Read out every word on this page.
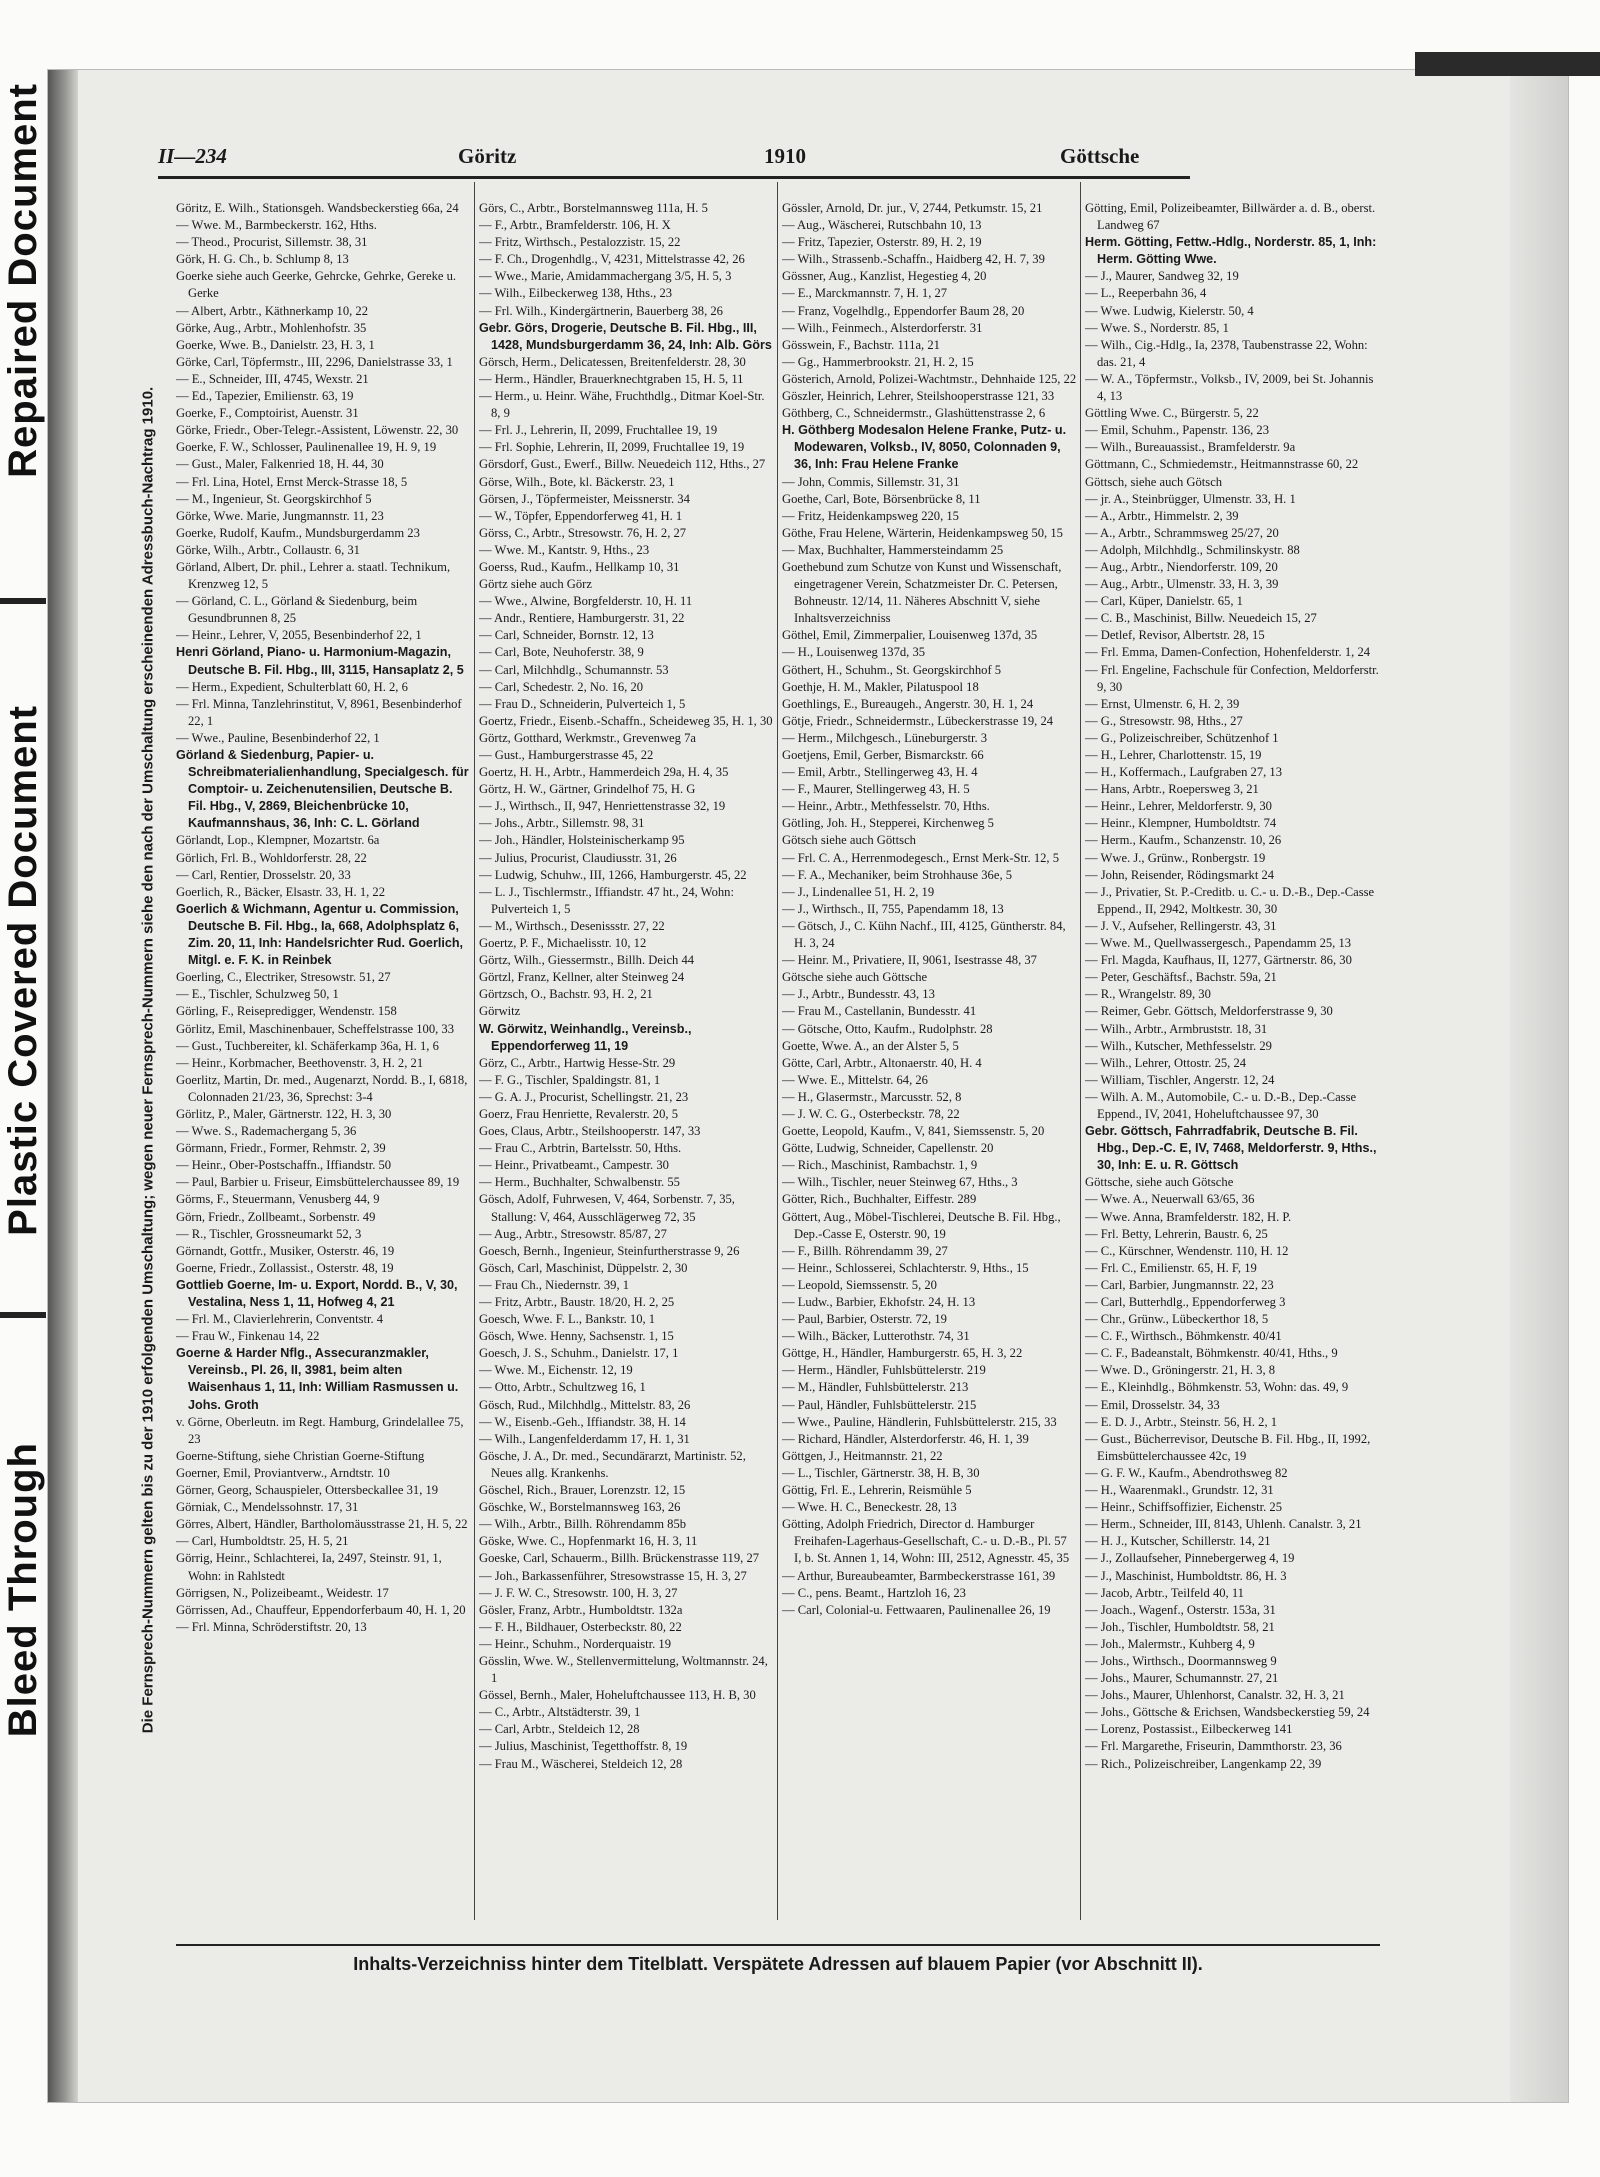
Repaired Document
Plastic Covered Document
Bleed Through
II—234	Göritz	1910	Göttsche
Die Fernsprech-Nummern gelten bis zu der 1910 erfolgenden Umschaltung; wegen neuer Fernsprech-Nummern siehe den nach der Umschaltung erscheinenden Adressbuch-Nachtrag 1910.

Göritz, E. Wilh., Stationsgeh. Wandsbeckerstieg 66a, 24

— Wwe. M., Barmbeckerstr. 162, Hths.

— Theod., Procurist, Sillemstr. 38, 31

Görk, H. G. Ch., b. Schlump 8, 13

Goerke siehe auch Geerke, Gehrcke, Gehrke, Gereke u. Gerke

— Albert, Arbtr., Käthnerkamp 10, 22

Görke, Aug., Arbtr., Mohlenhofstr. 35

Goerke, Wwe. B., Danielstr. 23, H. 3, 1

Görke, Carl, Töpfermstr., III, 2296, Danielstrasse 33, 1

— E., Schneider, III, 4745, Wexstr. 21

— Ed., Tapezier, Emilienstr. 63, 19

Goerke, F., Comptoirist, Auenstr. 31

Görke, Friedr., Ober-Telegr.-Assistent, Löwenstr. 22, 30

Goerke, F. W., Schlosser, Paulinenallee 19, H. 9, 19

— Gust., Maler, Falkenried 18, H. 44, 30

— Frl. Lina, Hotel, Ernst Merck-Strasse 18, 5

— M., Ingenieur, St. Georgskirchhof 5

Görke, Wwe. Marie, Jungmannstr. 11, 23

Goerke, Rudolf, Kaufm., Mundsburgerdamm 23

Görke, Wilh., Arbtr., Collaustr. 6, 31

Görland, Albert, Dr. phil., Lehrer a. staatl. Technikum, Krenzweg 12, 5

— Görland, C. L., Görland & Siedenburg, beim Gesundbrunnen 8, 25

— Heinr., Lehrer, V, 2055, Besenbinderhof 22, 1

Henri Görland, Piano- u. Harmonium-Magazin, Deutsche B. Fil. Hbg., III, 3115, Hansaplatz 2, 5

— Herm., Expedient, Schulterblatt 60, H. 2, 6

— Frl. Minna, Tanzlehrinstitut, V, 8961, Besenbinderhof 22, 1

— Wwe., Pauline, Besenbinderhof 22, 1

Görland & Siedenburg, Papier- u. Schreibmaterialienhandlung, Specialgesch. für Comptoir- u. Zeichenutensilien, Deutsche B. Fil. Hbg., V, 2869, Bleichenbrücke 10, Kaufmannshaus, 36, Inh: C. L. Görland

Görlandt, Lop., Klempner, Mozartstr. 6a

Görlich, Frl. B., Wohldorferstr. 28, 22

— Carl, Rentier, Drosselstr. 20, 33

Goerlich, R., Bäcker, Elsastr. 33, H. 1, 22

Goerlich & Wichmann, Agentur u. Commission, Deutsche B. Fil. Hbg., Ia, 668, Adolphsplatz 6, Zim. 20, 11, Inh: Handelsrichter Rud. Goerlich, Mitgl. e. F. K. in Reinbek

Goerling, C., Electriker, Stresowstr. 51, 27

— E., Tischler, Schulzweg 50, 1

Görling, F., Reisepredigger, Wendenstr. 158

Görlitz, Emil, Maschinenbauer, Scheffelstrasse 100, 33

— Gust., Tuchbereiter, kl. Schäferkamp 36a, H. 1, 6

— Heinr., Korbmacher, Beethovenstr. 3, H. 2, 21

Goerlitz, Martin, Dr. med., Augenarzt, Nordd. B., I, 6818, Colonnaden 21/23, 36, Sprechst: 3-4

Görlitz, P., Maler, Gärtnerstr. 122, H. 3, 30

— Wwe. S., Rademachergang 5, 36

Görmann, Friedr., Former, Rehmstr. 2, 39

— Heinr., Ober-Postschaffn., Iffiandstr. 50

— Paul, Barbier u. Friseur, Eimsbüttelerchaussee 89, 19

Görms, F., Steuermann, Venusberg 44, 9

Görn, Friedr., Zollbeamt., Sorbenstr. 49

— R., Tischler, Grossneumarkt 52, 3

Görnandt, Gottfr., Musiker, Osterstr. 46, 19

Goerne, Friedr., Zollassist., Osterstr. 48, 19

Gottlieb Goerne, Im- u. Export, Nordd. B., V, 30, Vestalina, Ness 1, 11, Hofweg 4, 21

— Frl. M., Clavierlehrerin, Conventstr. 4

— Frau W., Finkenau 14, 22

Goerne & Harder Nflg., Assecuranzmakler, Vereinsb., Pl. 26, II, 3981, beim alten Waisenhaus 1, 11, Inh: William Rasmussen u. Johs. Groth

v. Görne, Oberleutn. im Regt. Hamburg, Grindelallee 75, 23

Goerne-Stiftung, siehe Christian Goerne-Stiftung

Goerner, Emil, Proviantverw., Arndtstr. 10

Görner, Georg, Schauspieler, Ottersbeckallee 31, 19

Görniak, C., Mendelssohnstr. 17, 31

Görres, Albert, Händler, Bartholomäusstrasse 21, H. 5, 22

— Carl, Humboldtstr. 25, H. 5, 21

Görrig, Heinr., Schlachterei, Ia, 2497, Steinstr. 91, 1, Wohn: in Rahlstedt

Görrigsen, N., Polizeibeamt., Weidestr. 17

Görrissen, Ad., Chauffeur, Eppendorferbaum 40, H. 1, 20

— Frl. Minna, Schröderstiftstr. 20, 13

Görs, C., Arbtr., Borstelmannsweg 111a, H. 5

— F., Arbtr., Bramfelderstr. 106, H. X

— Fritz, Wirthsch., Pestalozzistr. 15, 22

— F. Ch., Drogenhdlg., V, 4231, Mittelstrasse 42, 26

— Wwe., Marie, Amidammachergang 3/5, H. 5, 3

— Wilh., Eilbeckerweg 138, Hths., 23

— Frl. Wilh., Kindergärtnerin, Bauerberg 38, 26

Gebr. Görs, Drogerie, Deutsche B. Fil. Hbg., III, 1428, Mundsburgerdamm 36, 24, Inh: Alb. Görs

Görsch, Herm., Delicatessen, Breitenfelderstr. 28, 30

— Herm., Händler, Brauerknechtgraben 15, H. 5, 11

— Herm., u. Heinr. Wähe, Fruchthdlg., Ditmar Koel-Str. 8, 9

— Frl. J., Lehrerin, II, 2099, Fruchtallee 19, 19

— Frl. Sophie, Lehrerin, II, 2099, Fruchtallee 19, 19

Görsdorf, Gust., Ewerf., Billw. Neuedeich 112, Hths., 27

Görse, Wilh., Bote, kl. Bäckerstr. 23, 1

Görsen, J., Töpfermeister, Meissnerstr. 34

— W., Töpfer, Eppendorferweg 41, H. 1

Görss, C., Arbtr., Stresowstr. 76, H. 2, 27

— Wwe. M., Kantstr. 9, Hths., 23

Goerss, Rud., Kaufm., Hellkamp 10, 31

Görtz siehe auch Görz

— Wwe., Alwine, Borgfelderstr. 10, H. 11

— Andr., Rentiere, Hamburgerstr. 31, 22

— Carl, Schneider, Bornstr. 12, 13

— Carl, Bote, Neuhoferstr. 38, 9

— Carl, Milchhdlg., Schumannstr. 53

— Carl, Schedestr. 2, No. 16, 20

— Frau D., Schneiderin, Pulverteich 1, 5

Goertz, Friedr., Eisenb.-Schaffn., Scheideweg 35, H. 1, 30

Görtz, Gotthard, Werkmstr., Grevenweg 7a

— Gust., Hamburgerstrasse 45, 22

Goertz, H. H., Arbtr., Hammerdeich 29a, H. 4, 35

Görtz, H. W., Gärtner, Grindelhof 75, H. G

— J., Wirthsch., II, 947, Henriettenstrasse 32, 19

— Johs., Arbtr., Sillemstr. 98, 31

— Joh., Händler, Holsteinischerkamp 95

— Julius, Procurist, Claudiusstr. 31, 26

— Ludwig, Schuhw., III, 1266, Hamburgerstr. 45, 22

— L. J., Tischlermstr., Iffiandstr. 47 ht., 24, Wohn: Pulverteich 1, 5

— M., Wirthsch., Desenissstr. 27, 22

Goertz, P. F., Michaelisstr. 10, 12

Görtz, Wilh., Giessermstr., Billh. Deich 44

Görtzl, Franz, Kellner, alter Steinweg 24

Görtzsch, O., Bachstr. 93, H. 2, 21

Görwitz

W. Görwitz, Weinhandlg., Vereinsb., Eppendorferweg 11, 19

Görz, C., Arbtr., Hartwig Hesse-Str. 29

— F. G., Tischler, Spaldingstr. 81, 1

— G. A. J., Procurist, Schellingstr. 21, 23

Goerz, Frau Henriette, Revalerstr. 20, 5

Goes, Claus, Arbtr., Steilshooperstr. 147, 33

— Frau C., Arbtrin, Bartelsstr. 50, Hths.

— Heinr., Privatbeamt., Campestr. 30

— Herm., Buchhalter, Schwalbenstr. 55

Gösch, Adolf, Fuhrwesen, V, 464, Sorbenstr. 7, 35, Stallung: V, 464, Ausschlägerweg 72, 35

— Aug., Arbtr., Stresowstr. 85/87, 27

Goesch, Bernh., Ingenieur, Steinfurtherstrasse 9, 26

Gösch, Carl, Maschinist, Düppelstr. 2, 30

— Frau Ch., Niedernstr. 39, 1

— Fritz, Arbtr., Baustr. 18/20, H. 2, 25

Goesch, Wwe. F. L., Bankstr. 10, 1

Gösch, Wwe. Henny, Sachsenstr. 1, 15

Goesch, J. S., Schuhm., Danielstr. 17, 1

— Wwe. M., Eichenstr. 12, 19

— Otto, Arbtr., Schultzweg 16, 1

Gösch, Rud., Milchhdlg., Mittelstr. 83, 26

— W., Eisenb.-Geh., Iffiandstr. 38, H. 14

— Wilh., Langenfelderdamm 17, H. 1, 31

Gösche, J. A., Dr. med., Secundärarzt, Martinistr. 52, Neues allg. Krankenhs.

Göschel, Rich., Brauer, Lorenzstr. 12, 15

Göschke, W., Borstelmannsweg 163, 26

— Wilh., Arbtr., Billh. Röhrendamm 85b

Göske, Wwe. C., Hopfenmarkt 16, H. 3, 11

Goeske, Carl, Schauerm., Billh. Brückenstrasse 119, 27

— Joh., Barkassenführer, Stresowstrasse 15, H. 3, 27

— J. F. W. C., Stresowstr. 100, H. 3, 27

Gösler, Franz, Arbtr., Humboldtstr. 132a

— F. H., Bildhauer, Osterbeckstr. 80, 22

— Heinr., Schuhm., Norderquaistr. 19

Gösslin, Wwe. W., Stellenvermittelung, Woltmannstr. 24, 1

Gössel, Bernh., Maler, Hoheluftchaussee 113, H. B, 30

— C., Arbtr., Altstädterstr. 39, 1

— Carl, Arbtr., Steldeich 12, 28

— Julius, Maschinist, Tegetthoffstr. 8, 19

— Frau M., Wäscherei, Steldeich 12, 28

Gössler, Arnold, Dr. jur., V, 2744, Petkumstr. 15, 21

— Aug., Wäscherei, Rutschbahn 10, 13

— Fritz, Tapezier, Osterstr. 89, H. 2, 19

— Wilh., Strassenb.-Schaffn., Haidberg 42, H. 7, 39

Gössner, Aug., Kanzlist, Hegestieg 4, 20

— E., Marckmannstr. 7, H. 1, 27

— Franz, Vogelhdlg., Eppendorfer Baum 28, 20

— Wilh., Feinmech., Alsterdorferstr. 31

Gösswein, F., Bachstr. 111a, 21

— Gg., Hammerbrookstr. 21, H. 2, 15

Gösterich, Arnold, Polizei-Wachtmstr., Dehnhaide 125, 22

Göszler, Heinrich, Lehrer, Steilshooperstrasse 121, 33

Göthberg, C., Schneidermstr., Glashüttenstrasse 2, 6

H. Göthberg Modesalon Helene Franke, Putz- u. Modewaren, Volksb., IV, 8050, Colonnaden 9, 36, Inh: Frau Helene Franke

— John, Commis, Sillemstr. 31, 31

Goethe, Carl, Bote, Börsenbrücke 8, 11

— Fritz, Heidenkampsweg 220, 15

Göthe, Frau Helene, Wärterin, Heidenkampsweg 50, 15

— Max, Buchhalter, Hammersteindamm 25

Goethebund zum Schutze von Kunst und Wissenschaft, eingetragener Verein, Schatzmeister Dr. C. Petersen, Bohneustr. 12/14, 11. Näheres Abschnitt V, siehe Inhaltsverzeichniss

Göthel, Emil, Zimmerpalier, Louisenweg 137d, 35

— H., Louisenweg 137d, 35

Göthert, H., Schuhm., St. Georgskirchhof 5

Goethje, H. M., Makler, Pilatuspool 18

Goethlings, E., Bureaugeh., Angerstr. 30, H. 1, 24

Götje, Friedr., Schneidermstr., Lübeckerstrasse 19, 24

— Herm., Milchgesch., Lüneburgerstr. 3

Goetjens, Emil, Gerber, Bismarckstr. 66

— Emil, Arbtr., Stellingerweg 43, H. 4

— F., Maurer, Stellingerweg 43, H. 5

— Heinr., Arbtr., Methfesselstr. 70, Hths.

Götling, Joh. H., Stepperei, Kirchenweg 5

Götsch siehe auch Göttsch

— Frl. C. A., Herrenmodegesch., Ernst Merk-Str. 12, 5

— F. A., Mechaniker, beim Strohhause 36e, 5

— J., Lindenallee 51, H. 2, 19

— J., Wirthsch., II, 755, Papendamm 18, 13

— Götsch, J., C. Kühn Nachf., III, 4125, Güntherstr. 84, H. 3, 24

— Heinr. M., Privatiere, II, 9061, Isestrasse 48, 37

Götsche siehe auch Göttsche

— J., Arbtr., Bundesstr. 43, 13

— Frau M., Castellanin, Bundesstr. 41

— Götsche, Otto, Kaufm., Rudolphstr. 28

Goette, Wwe. A., an der Alster 5, 5

Götte, Carl, Arbtr., Altonaerstr. 40, H. 4

— Wwe. E., Mittelstr. 64, 26

— H., Glasermstr., Marcusstr. 52, 8

— J. W. C. G., Osterbeckstr. 78, 22

Goette, Leopold, Kaufm., V, 841, Siemssenstr. 5, 20

Götte, Ludwig, Schneider, Capellenstr. 20

— Rich., Maschinist, Rambachstr. 1, 9

— Wilh., Tischler, neuer Steinweg 67, Hths., 3

Götter, Rich., Buchhalter, Eiffestr. 289

Göttert, Aug., Möbel-Tischlerei, Deutsche B. Fil. Hbg., Dep.-Casse E, Osterstr. 90, 19

— F., Billh. Röhrendamm 39, 27

— Heinr., Schlosserei, Schlachterstr. 9, Hths., 15

— Leopold, Siemssenstr. 5, 20

— Ludw., Barbier, Ekhofstr. 24, H. 13

— Paul, Barbier, Osterstr. 72, 19

— Wilh., Bäcker, Lutterothstr. 74, 31

Göttge, H., Händler, Hamburgerstr. 65, H. 3, 22

— Herm., Händler, Fuhlsbüttelerstr. 219

— M., Händler, Fuhlsbüttelerstr. 213

— Paul, Händler, Fuhlsbüttelerstr. 215

— Wwe., Pauline, Händlerin, Fuhlsbüttelerstr. 215, 33

— Richard, Händler, Alsterdorferstr. 46, H. 1, 39

Göttgen, J., Heitmannstr. 21, 22

— L., Tischler, Gärtnerstr. 38, H. B, 30

Göttig, Frl. E., Lehrerin, Reismühle 5

— Wwe. H. C., Beneckestr. 28, 13

Götting, Adolph Friedrich, Director d. Hamburger Freihafen-Lagerhaus-Gesellschaft, C.- u. D.-B., Pl. 57 I, b. St. Annen 1, 14, Wohn: III, 2512, Agnesstr. 45, 35

— Arthur, Bureaubeamter, Barmbeckerstrasse 161, 39

— C., pens. Beamt., Hartzloh 16, 23

— Carl, Colonial-u. Fettwaaren, Paulinenallee 26, 19

Götting, Emil, Polizeibeamter, Billwärder a. d. B., oberst. Landweg 67

Herm. Götting, Fettw.-Hdlg., Norderstr. 85, 1, Inh: Herm. Götting Wwe.

— J., Maurer, Sandweg 32, 19

— L., Reeperbahn 36, 4

— Wwe. Ludwig, Kielerstr. 50, 4

— Wwe. S., Norderstr. 85, 1

— Wilh., Cig.-Hdlg., Ia, 2378, Taubenstrasse 22, Wohn: das. 21, 4

— W. A., Töpfermstr., Volksb., IV, 2009, bei St. Johannis 4, 13

Göttling Wwe. C., Bürgerstr. 5, 22

— Emil, Schuhm., Papenstr. 136, 23

— Wilh., Bureauassist., Bramfelderstr. 9a

Göttmann, C., Schmiedemstr., Heitmannstrasse 60, 22

Göttsch, siehe auch Götsch

— jr. A., Steinbrügger, Ulmenstr. 33, H. 1

— A., Arbtr., Himmelstr. 2, 39

— A., Arbtr., Schrammsweg 25/27, 20

— Adolph, Milchhdlg., Schmilinskystr. 88

— Aug., Arbtr., Niendorferstr. 109, 20

— Aug., Arbtr., Ulmenstr. 33, H. 3, 39

— Carl, Küper, Danielstr. 65, 1

— C. B., Maschinist, Billw. Neuedeich 15, 27

— Detlef, Revisor, Albertstr. 28, 15

— Frl. Emma, Damen-Confection, Hohenfelderstr. 1, 24

— Frl. Engeline, Fachschule für Confection, Meldorferstr. 9, 30

— Ernst, Ulmenstr. 6, H. 2, 39

— G., Stresowstr. 98, Hths., 27

— G., Polizeischreiber, Schützenhof 1

— H., Lehrer, Charlottenstr. 15, 19

— H., Koffermach., Laufgraben 27, 13

— Hans, Arbtr., Roepersweg 3, 21

— Heinr., Lehrer, Meldorferstr. 9, 30

— Heinr., Klempner, Humboldtstr. 74

— Herm., Kaufm., Schanzenstr. 10, 26

— Wwe. J., Grünw., Ronbergstr. 19

— John, Reisender, Rödingsmarkt 24

— J., Privatier, St. P.-Creditb. u. C.- u. D.-B., Dep.-Casse Eppend., II, 2942, Moltkestr. 30, 30

— J. V., Aufseher, Rellingerstr. 43, 31

— Wwe. M., Quellwassergesch., Papendamm 25, 13

— Frl. Magda, Kaufhaus, II, 1277, Gärtnerstr. 86, 30

— Peter, Geschäftsf., Bachstr. 59a, 21

— R., Wrangelstr. 89, 30

— Reimer, Gebr. Göttsch, Meldorferstrasse 9, 30

— Wilh., Arbtr., Armbruststr. 18, 31

— Wilh., Kutscher, Methfesselstr. 29

— Wilh., Lehrer, Ottostr. 25, 24

— William, Tischler, Angerstr. 12, 24

— Wilh. A. M., Automobile, C.- u. D.-B., Dep.-Casse Eppend., IV, 2041, Hoheluftchaussee 97, 30

Gebr. Göttsch, Fahrradfabrik, Deutsche B. Fil. Hbg., Dep.-C. E, IV, 7468, Meldorferstr. 9, Hths., 30, Inh: E. u. R. Göttsch

Göttsche, siehe auch Götsche

— Wwe. A., Neuerwall 63/65, 36

— Wwe. Anna, Bramfelderstr. 182, H. P.

— Frl. Betty, Lehrerin, Baustr. 6, 25

— C., Kürschner, Wendenstr. 110, H. 12

— Frl. C., Emilienstr. 65, H. F, 19

— Carl, Barbier, Jungmannstr. 22, 23

— Carl, Butterhdlg., Eppendorferweg 3

— Chr., Grünw., Lübeckerthor 18, 5

— C. F., Wirthsch., Böhmkenstr. 40/41

— C. F., Badeanstalt, Böhmkenstr. 40/41, Hths., 9

— Wwe. D., Gröningerstr. 21, H. 3, 8

— E., Kleinhdlg., Böhmkenstr. 53, Wohn: das. 49, 9

— Emil, Drosselstr. 34, 33

— E. D. J., Arbtr., Steinstr. 56, H. 2, 1

— Gust., Bücherrevisor, Deutsche B. Fil. Hbg., II, 1992, Eimsbüttelerchaussee 42c, 19

— G. F. W., Kaufm., Abendrothsweg 82

— H., Waarenmakl., Grundstr. 12, 31

— Heinr., Schiffsoffizier, Eichenstr. 25

— Herm., Schneider, III, 8143, Uhlenh. Canalstr. 3, 21

— H. J., Kutscher, Schillerstr. 14, 21

— J., Zollaufseher, Pinnebergerweg 4, 19

— J., Maschinist, Humboldtstr. 86, H. 3

— Jacob, Arbtr., Teilfeld 40, 11

— Joach., Wagenf., Osterstr. 153a, 31

— Joh., Tischler, Humboldtstr. 58, 21

— Joh., Malermstr., Kuhberg 4, 9

— Johs., Wirthsch., Doormannsweg 9

— Johs., Maurer, Schumannstr. 27, 21

— Johs., Maurer, Uhlenhorst, Canalstr. 32, H. 3, 21

— Johs., Göttsche & Erichsen, Wandsbeckerstieg 59, 24

— Lorenz, Postassist., Eilbeckerweg 141

— Frl. Margarethe, Friseurin, Dammthorstr. 23, 36

— Rich., Polizeischreiber, Langenkamp 22, 39

Inhalts-Verzeichniss hinter dem Titelblatt. Verspätete Adressen auf blauem Papier (vor Abschnitt II).
